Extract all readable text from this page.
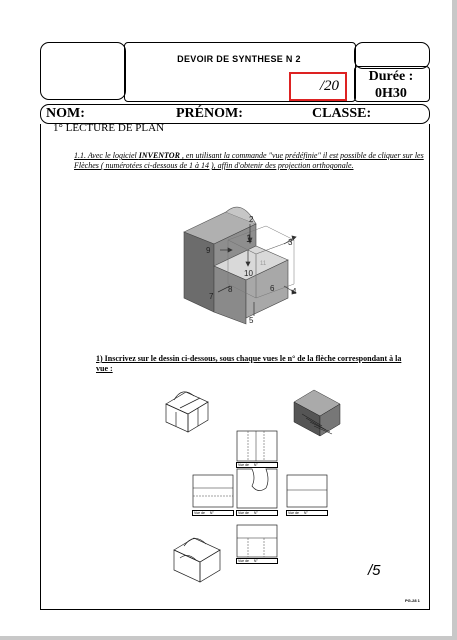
DEVOIR DE SYNTHESE N 2
/20
Durée :
0H30
NOM:	PRÉNOM:	CLASSE:
1° LECTURE DE PLAN
1.1. Avec le logiciel INVENTOR , en utilisant la commande "vue prédéfinie" il est possible de cliquer sur les Flèches ( numérotées ci-dessous de 1 à 14 ), affin d'obtenir des projection orthogonale.
2
1	3
9
10
11
8	6 4
7
5
1) Inscrivez sur le dessin ci-dessous, sous chaque vues le n° de la flèche correspondant à la vue :
Vue de N°
Vue de N°	Vue de N°	Vue de N°
Vue de N°
/5
PG-28 1
